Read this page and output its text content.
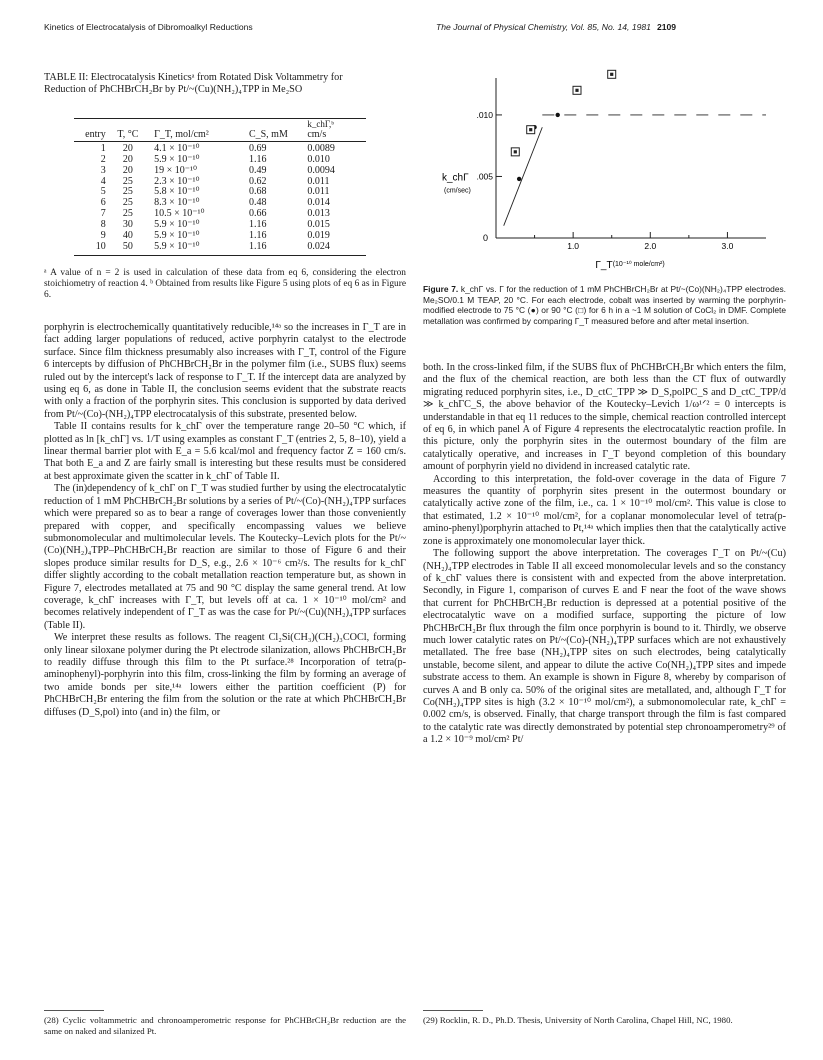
Kinetics of Electrocatalysis of Dibromoalkyl Reductions	The Journal of Physical Chemistry, Vol. 85, No. 14, 1981 2109
TABLE II: Electrocatalysis Kineticsᵃ from Rotated Disk Voltammetry for Reduction of PhCHBrCH₂Br by Pt/~(Cu)(NH₂)₄TPP in Me₂SO
				k_chΓ,ᵇ
entry	T, °C	Γ_T, mol/cm²	C_S, mM	cm/s
1	20	4.1 × 10⁻¹⁰	0.69	0.0089
2	20	5.9 × 10⁻¹⁰	1.16	0.010
3	20	19 × 10⁻¹⁰	0.49	0.0094
4	25	2.3 × 10⁻¹⁰	0.62	0.011
5	25	5.8 × 10⁻¹⁰	0.68	0.011
6	25	8.3 × 10⁻¹⁰	0.48	0.014
7	25	10.5 × 10⁻¹⁰	0.66	0.013
8	30	5.9 × 10⁻¹⁰	1.16	0.015
9	40	5.9 × 10⁻¹⁰	1.16	0.019
10	50	5.9 × 10⁻¹⁰	1.16	0.024
ᵃ A value of n = 2 is used in calculation of these data from eq 6, considering the electron stoichiometry of reaction 4. ᵇ Obtained from results like Figure 5 using plots of eq 6 as in Figure 6.

porphyrin is electrochemically quantitatively reducible,¹⁴ᵃ so the increases in Γ_T are in fact adding larger populations of reduced, active porphyrin catalyst to the electrode surface. Since film thickness presumably also increases with Γ_T, control of the Figure 6 intercepts by diffusion of PhCHBrCH₂Br in the polymer film (i.e., SUBS flux) seems ruled out by the intercept's lack of response to Γ_T. If the intercept data are analyzed by using eq 6, as done in Table II, the conclusion seems evident that the substrate reacts with only a fraction of the porphyrin sites. This conclusion is supported by data derived from Pt/~(Co)-(NH₂)₄TPP electrocatalysis of this substrate, presented below.

Table II contains results for k_chΓ over the temperature range 20–50 °C which, if plotted as ln [k_chΓ] vs. 1/T using examples as constant Γ_T (entries 2, 5, 8–10), yield a linear thermal barrier plot with E_a = 5.6 kcal/mol and frequency factor Z = 160 cm/s. That both E_a and Z are fairly small is interesting but these results must be considered at best approximate given the scatter in k_chΓ of Table II.

The (in)dependency of k_chΓ on Γ_T was studied further by using the electrocatalytic reduction of 1 mM PhCHBrCH₂Br solutions by a series of Pt/~(Co)-(NH₂)₄TPP surfaces which were prepared so as to bear a range of coverages lower than those conveniently prepared with copper, and specifically encompassing values we believe submonomolecular and multimolecular levels. The Koutecky–Levich plots for the Pt/~(Co)(NH₂)₄TPP–PhCHBrCH₂Br reaction are similar to those of Figure 6 and their slopes produce similar results for D_S, e.g., 2.6 × 10⁻⁶ cm²/s. The results for k_chΓ differ slightly according to the cobalt metallation reaction temperature but, as shown in Figure 7, electrodes metallated at 75 and 90 °C display the same general trend. At low coverage, k_chΓ increases with Γ_T, but levels off at ca. 1 × 10⁻¹⁰ mol/cm² and becomes relatively independent of Γ_T as was the case for Pt/~(Cu)(NH₂)₄TPP surfaces (Table II).

We interpret these results as follows. The reagent Cl₂Si(CH₃)(CH₂)₃COCl, forming only linear siloxane polymer during the Pt electrode silanization, allows PhCHBrCH₂Br to readily diffuse through this film to the Pt surface.²⁸ Incorporation of tetra(p-aminophenyl)-porphyrin into this film, cross-linking the film by forming an average of two amide bonds per site,¹⁴ᵃ lowers either the partition coefficient (P) for PhCHBrCH₂Br entering the film from the solution or the rate at which PhCHBrCH₂Br diffuses (D_S,pol) into (and in) the film, or

0
1.0	2.0	3.0
.005
.010
k_chΓ
(cm/sec)
Γ_T (10⁻¹⁰ mole/cm²)
Figure 7. k_chΓ vs. Γ for the reduction of 1 mM PhCHBrCH₂Br at Pt/~(Co)(NH₂)₄TPP electrodes. Me₂SO/0.1 M TEAP, 20 °C. For each electrode, cobalt was inserted by warming the porphyrin-modified electrode to 75 °C (●) or 90 °C (□) for 6 h in a ~1 M solution of CoCl₂ in DMF. Complete metallation was confirmed by comparing Γ_T measured before and after metal insertion.

both. In the cross-linked film, if the SUBS flux of PhCHBrCH₂Br which enters the film, and the flux of the chemical reaction, are both less than the CT flux of outwardly migrating reduced porphyrin sites, i.e., D_ctC_TPP ≫ D_S,polPC_S and D_ctC_TPP/d ≫ k_chΓC_S, the above behavior of the Koutecky–Levich 1/ω¹ᐟ² = 0 intercepts is understandable in that eq 11 reduces to the simple, chemical reaction controlled intercept of eq 6, in which panel A of Figure 4 represents the electrocatalytic reaction profile. In this picture, only the porphyrin sites in the outermost boundary of the film are catalytically operative, and increases in Γ_T beyond completion of this boundary amount of porphyrin yield no dividend in increased catalytic rate.

According to this interpretation, the fold-over coverage in the data of Figure 7 measures the quantity of porphyrin sites present in the outermost boundary or catalytically active zone of the film, i.e., ca. 1 × 10⁻¹⁰ mol/cm². This value is close to that estimated, 1.2 × 10⁻¹⁰ mol/cm², for a coplanar monomolecular level of tetra(p-amino-phenyl)porphyrin attached to Pt,¹⁴ᵃ which implies then that the catalytically active zone is approximately one monomolecular layer thick.

The following support the above interpretation. The coverages Γ_T on Pt/~(Cu)(NH₂)₄TPP electrodes in Table II all exceed monomolecular levels and so the constancy of k_chΓ values there is consistent with and expected from the above interpretation. Secondly, in Figure 1, comparison of curves E and F near the foot of the wave shows that current for PhCHBrCH₂Br reduction is depressed at a potential positive of the electrocatalytic wave on a modified surface, supporting the picture of low PhCHBrCH₂Br flux through the film once porphyrin is bound to it. Thirdly, we observe much lower catalytic rates on Pt/~(Co)-(NH₂)₄TPP surfaces which are not exhaustively metallated. The free base (NH₂)₄TPP sites on such electrodes, being catalytically unstable, become silent, and appear to dilute the active Co(NH₂)₄TPP sites and impede substrate access to them. An example is shown in Figure 8, whereby by comparison of curves A and B only ca. 50% of the original sites are metallated, and, although Γ_T for Co(NH₂)₄TPP sites is high (3.2 × 10⁻¹⁰ mol/cm²), a submonomolecular rate, k_chΓ = 0.002 cm/s, is observed. Finally, that charge transport through the film is fast compared to the catalytic rate was directly demonstrated by potential step chronoamperometry²⁹ of a 1.2 × 10⁻⁹ mol/cm² Pt/

(28) Cyclic voltammetric and chronoamperometric response for PhCHBrCH₂Br reduction are the same on naked and silanized Pt.
(29) Rocklin, R. D., Ph.D. Thesis, University of North Carolina, Chapel Hill, NC, 1980.
